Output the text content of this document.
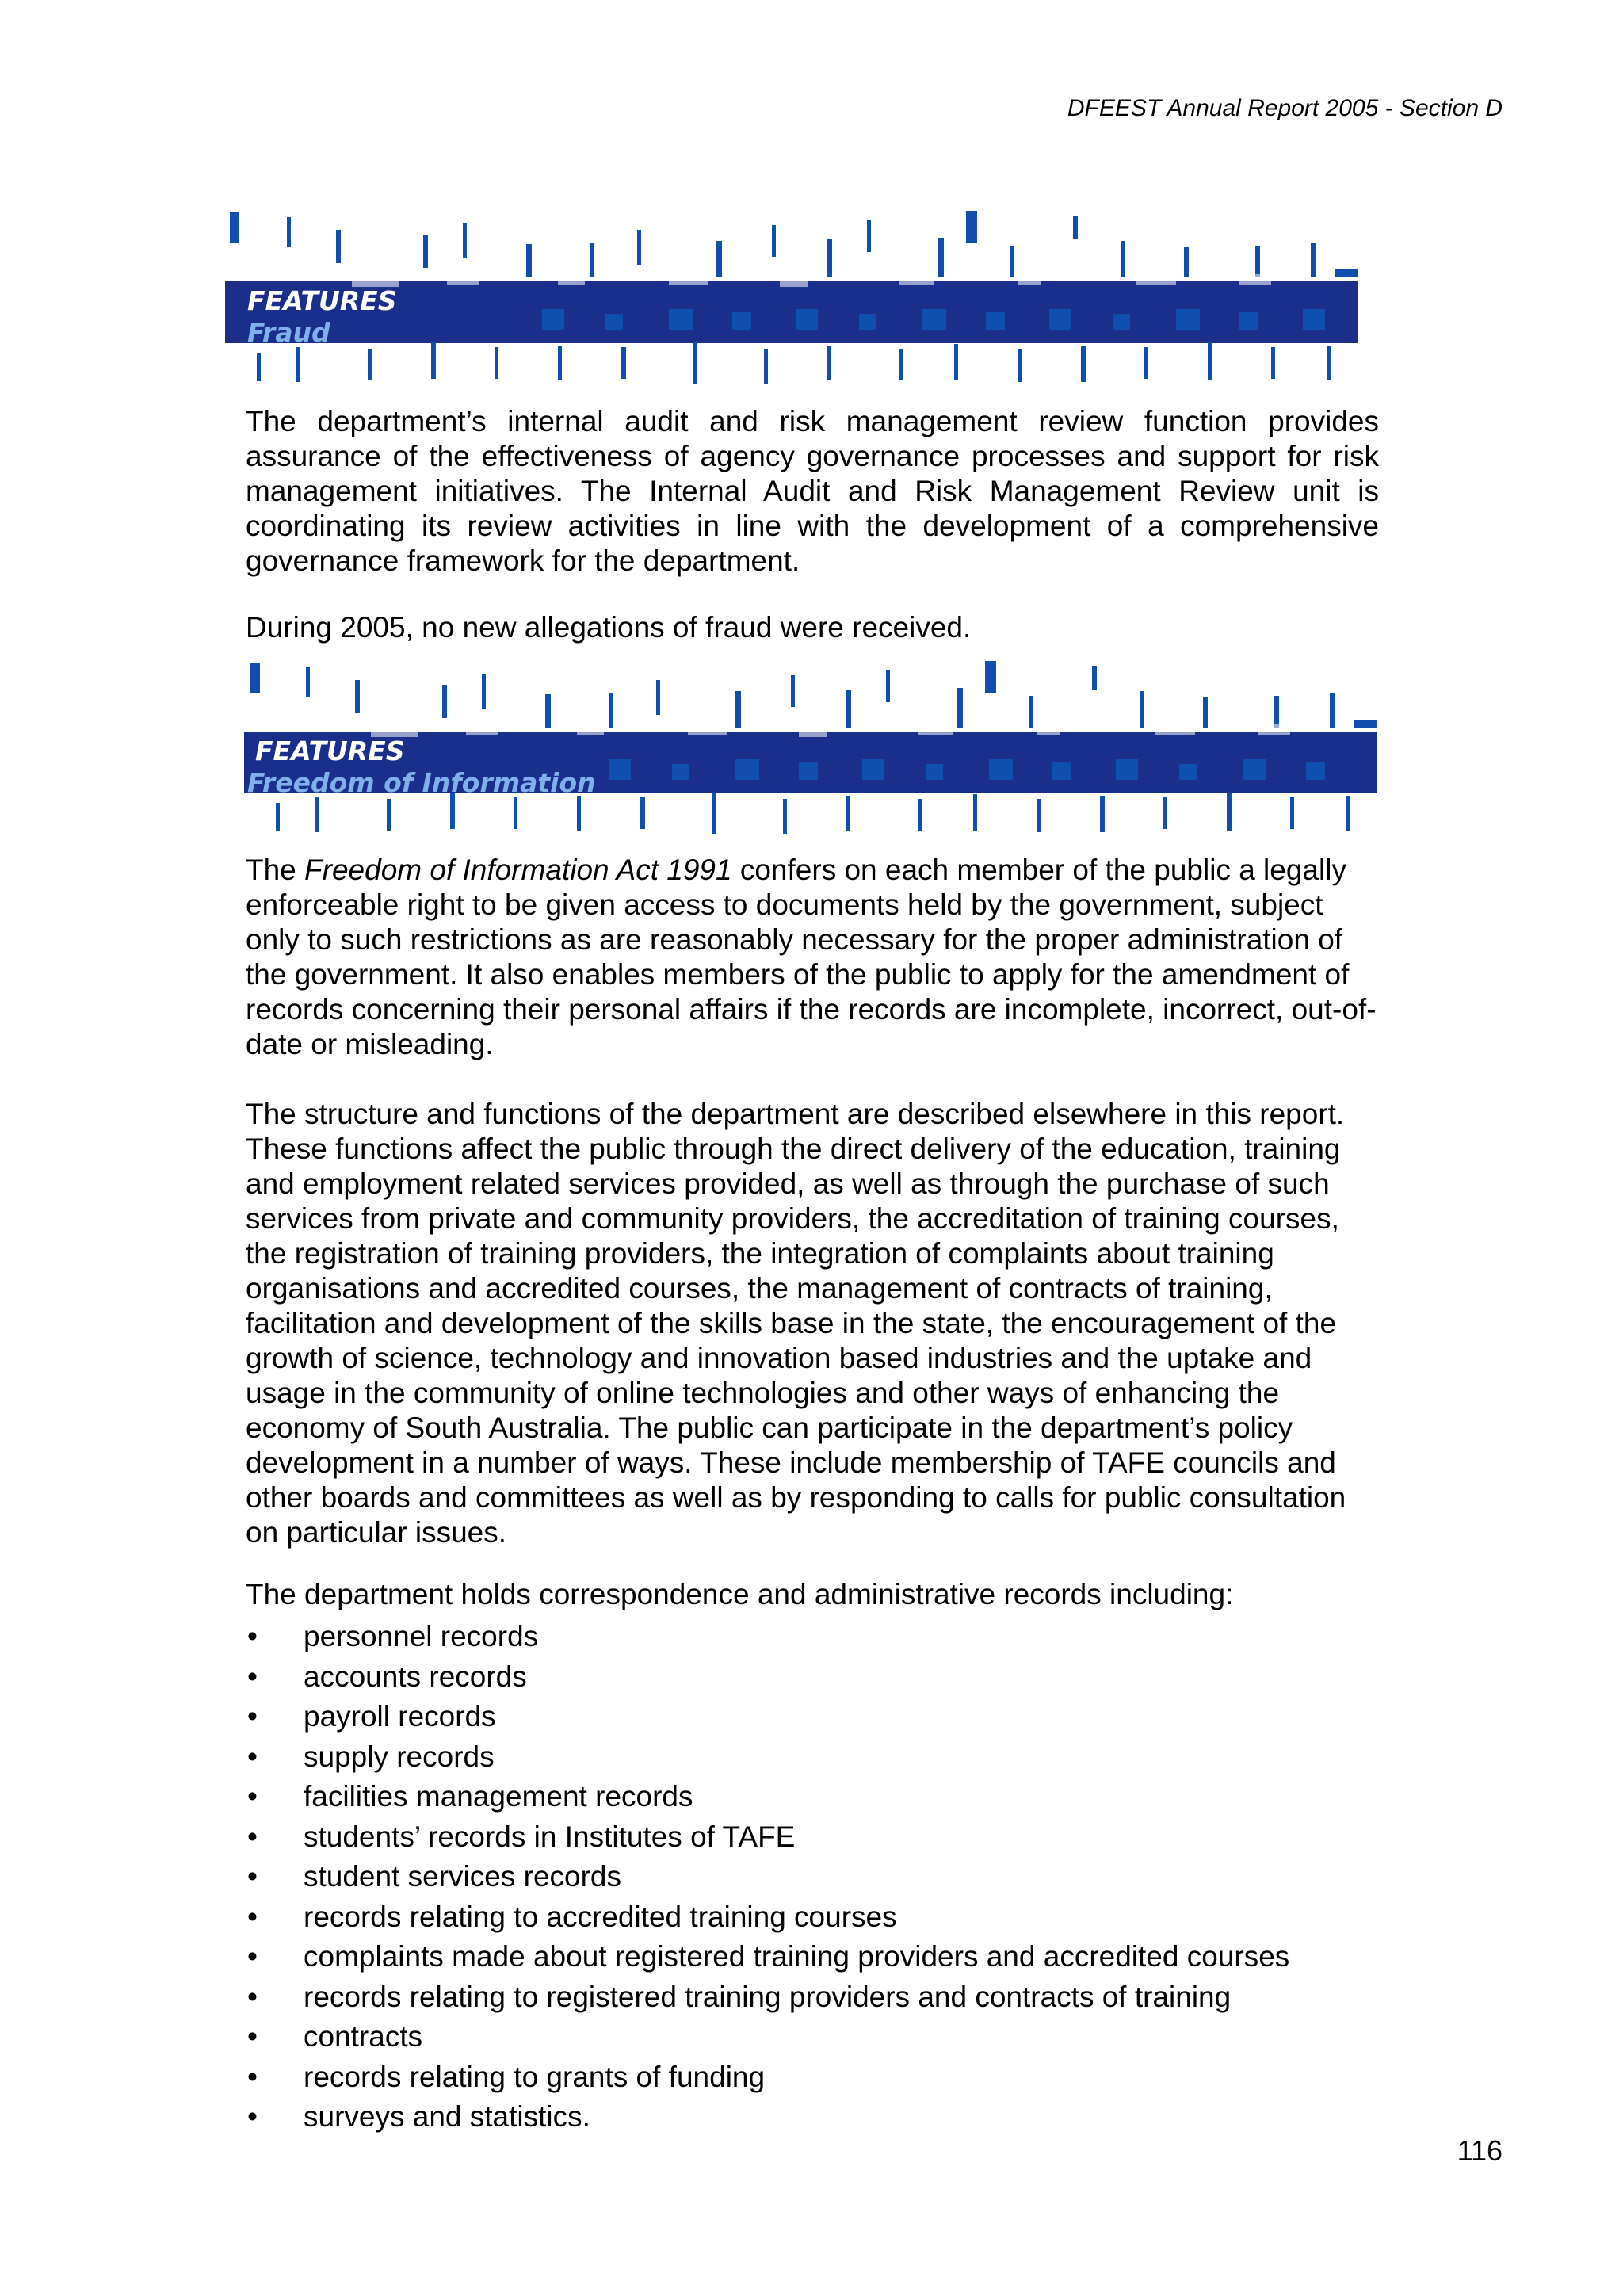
DFEEST Annual Report 2005 - Section D
FEATURES
Fraud
The department’s internal audit and risk management review function provides assurance of the effectiveness of agency governance processes and support for risk management initiatives. The Internal Audit and Risk Management Review unit is coordinating its review activities in line with the development of a comprehensive governance framework for the department.
During 2005, no new allegations of fraud were received.
FEATURES
Freedom of Information
The Freedom of Information Act 1991 confers on each member of the public a legally enforceable right to be given access to documents held by the government, subject only to such restrictions as are reasonably necessary for the proper administration of the government. It also enables members of the public to apply for the amendment of records concerning their personal affairs if the records are incomplete, incorrect, out-of-date or misleading.
The structure and functions of the department are described elsewhere in this report. These functions affect the public through the direct delivery of the education, training and employment related services provided, as well as through the purchase of such services from private and community providers, the accreditation of training courses, the registration of training providers, the integration of complaints about training organisations and accredited courses, the management of contracts of training, facilitation and development of the skills base in the state, the encouragement of the growth of science, technology and innovation based industries and the uptake and usage in the community of online technologies and other ways of enhancing the economy of South Australia. The public can participate in the department’s policy development in a number of ways. These include membership of TAFE councils and other boards and committees as well as by responding to calls for public consultation on particular issues.
The department holds correspondence and administrative records including:
• personnel records
• accounts records
• payroll records
• supply records
• facilities management records
• students’ records in Institutes of TAFE
• student services records
• records relating to accredited training courses
• complaints made about registered training providers and accredited courses
• records relating to registered training providers and contracts of training
• contracts
• records relating to grants of funding
• surveys and statistics.
116
